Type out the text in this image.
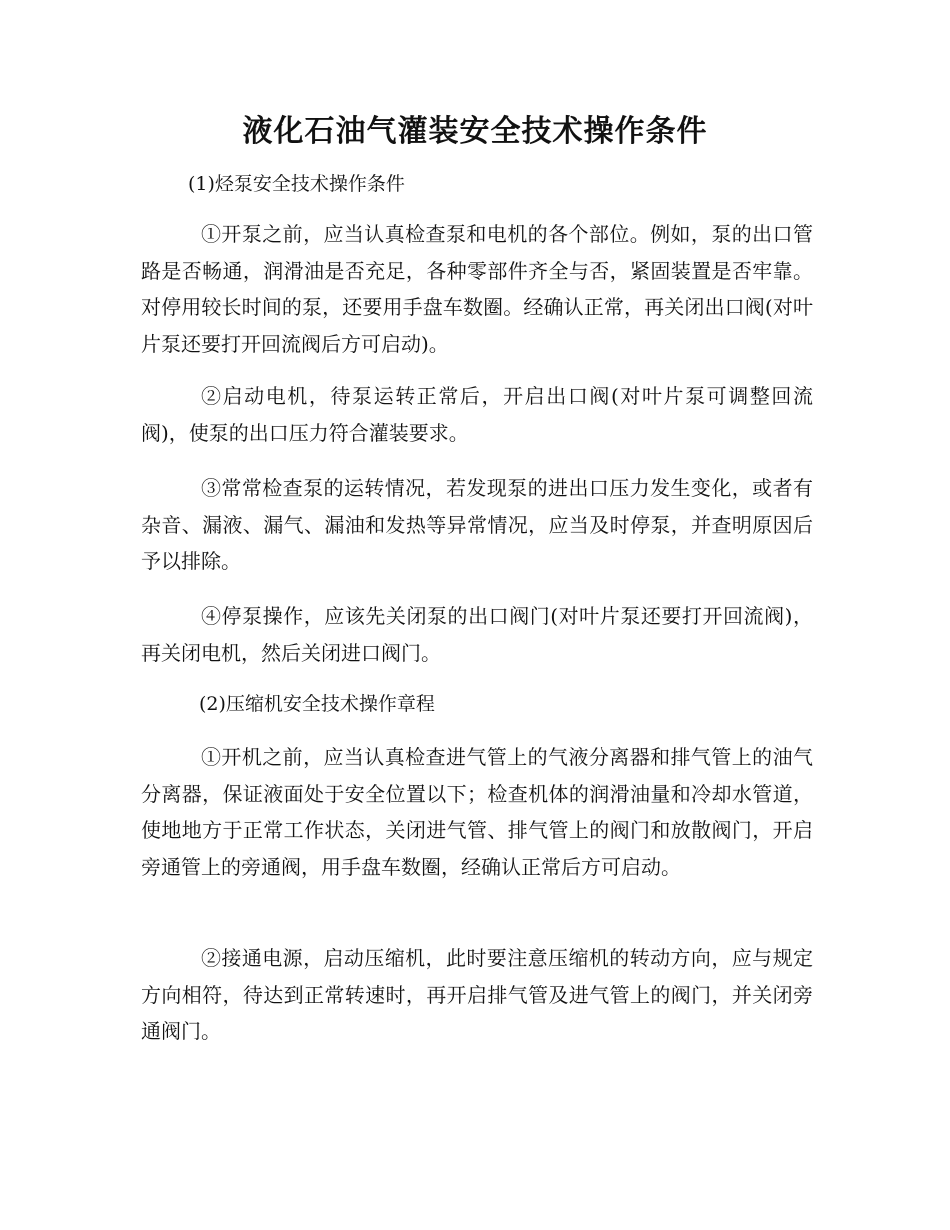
液化石油气灌装安全技术操作条件

(1)烃泵安全技术操作条件

①开泵之前，应当认真检查泵和电机的各个部位。例如，泵的出口管路是否畅通，润滑油是否充足，各种零部件齐全与否，紧固装置是否牢靠。对停用较长时间的泵，还要用手盘车数圈。经确认正常，再关闭出口阀(对叶片泵还要打开回流阀后方可启动)。

②启动电机，待泵运转正常后，开启出口阀(对叶片泵可调整回流阀)，使泵的出口压力符合灌装要求。

③常常检查泵的运转情况，若发现泵的进出口压力发生变化，或者有杂音、漏液、漏气、漏油和发热等异常情况，应当及时停泵，并查明原因后予以排除。

④停泵操作，应该先关闭泵的出口阀门(对叶片泵还要打开回流阀)，再关闭电机，然后关闭进口阀门。

(2)压缩机安全技术操作章程

①开机之前，应当认真检查进气管上的气液分离器和排气管上的油气分离器，保证液面处于安全位置以下；检查机体的润滑油量和冷却水管道，使地地方于正常工作状态，关闭进气管、排气管上的阀门和放散阀门，开启旁通管上的旁通阀，用手盘车数圈，经确认正常后方可启动。

②接通电源，启动压缩机，此时要注意压缩机的转动方向，应与规定方向相符，待达到正常转速时，再开启排气管及进气管上的阀门，并关闭旁通阀门。
